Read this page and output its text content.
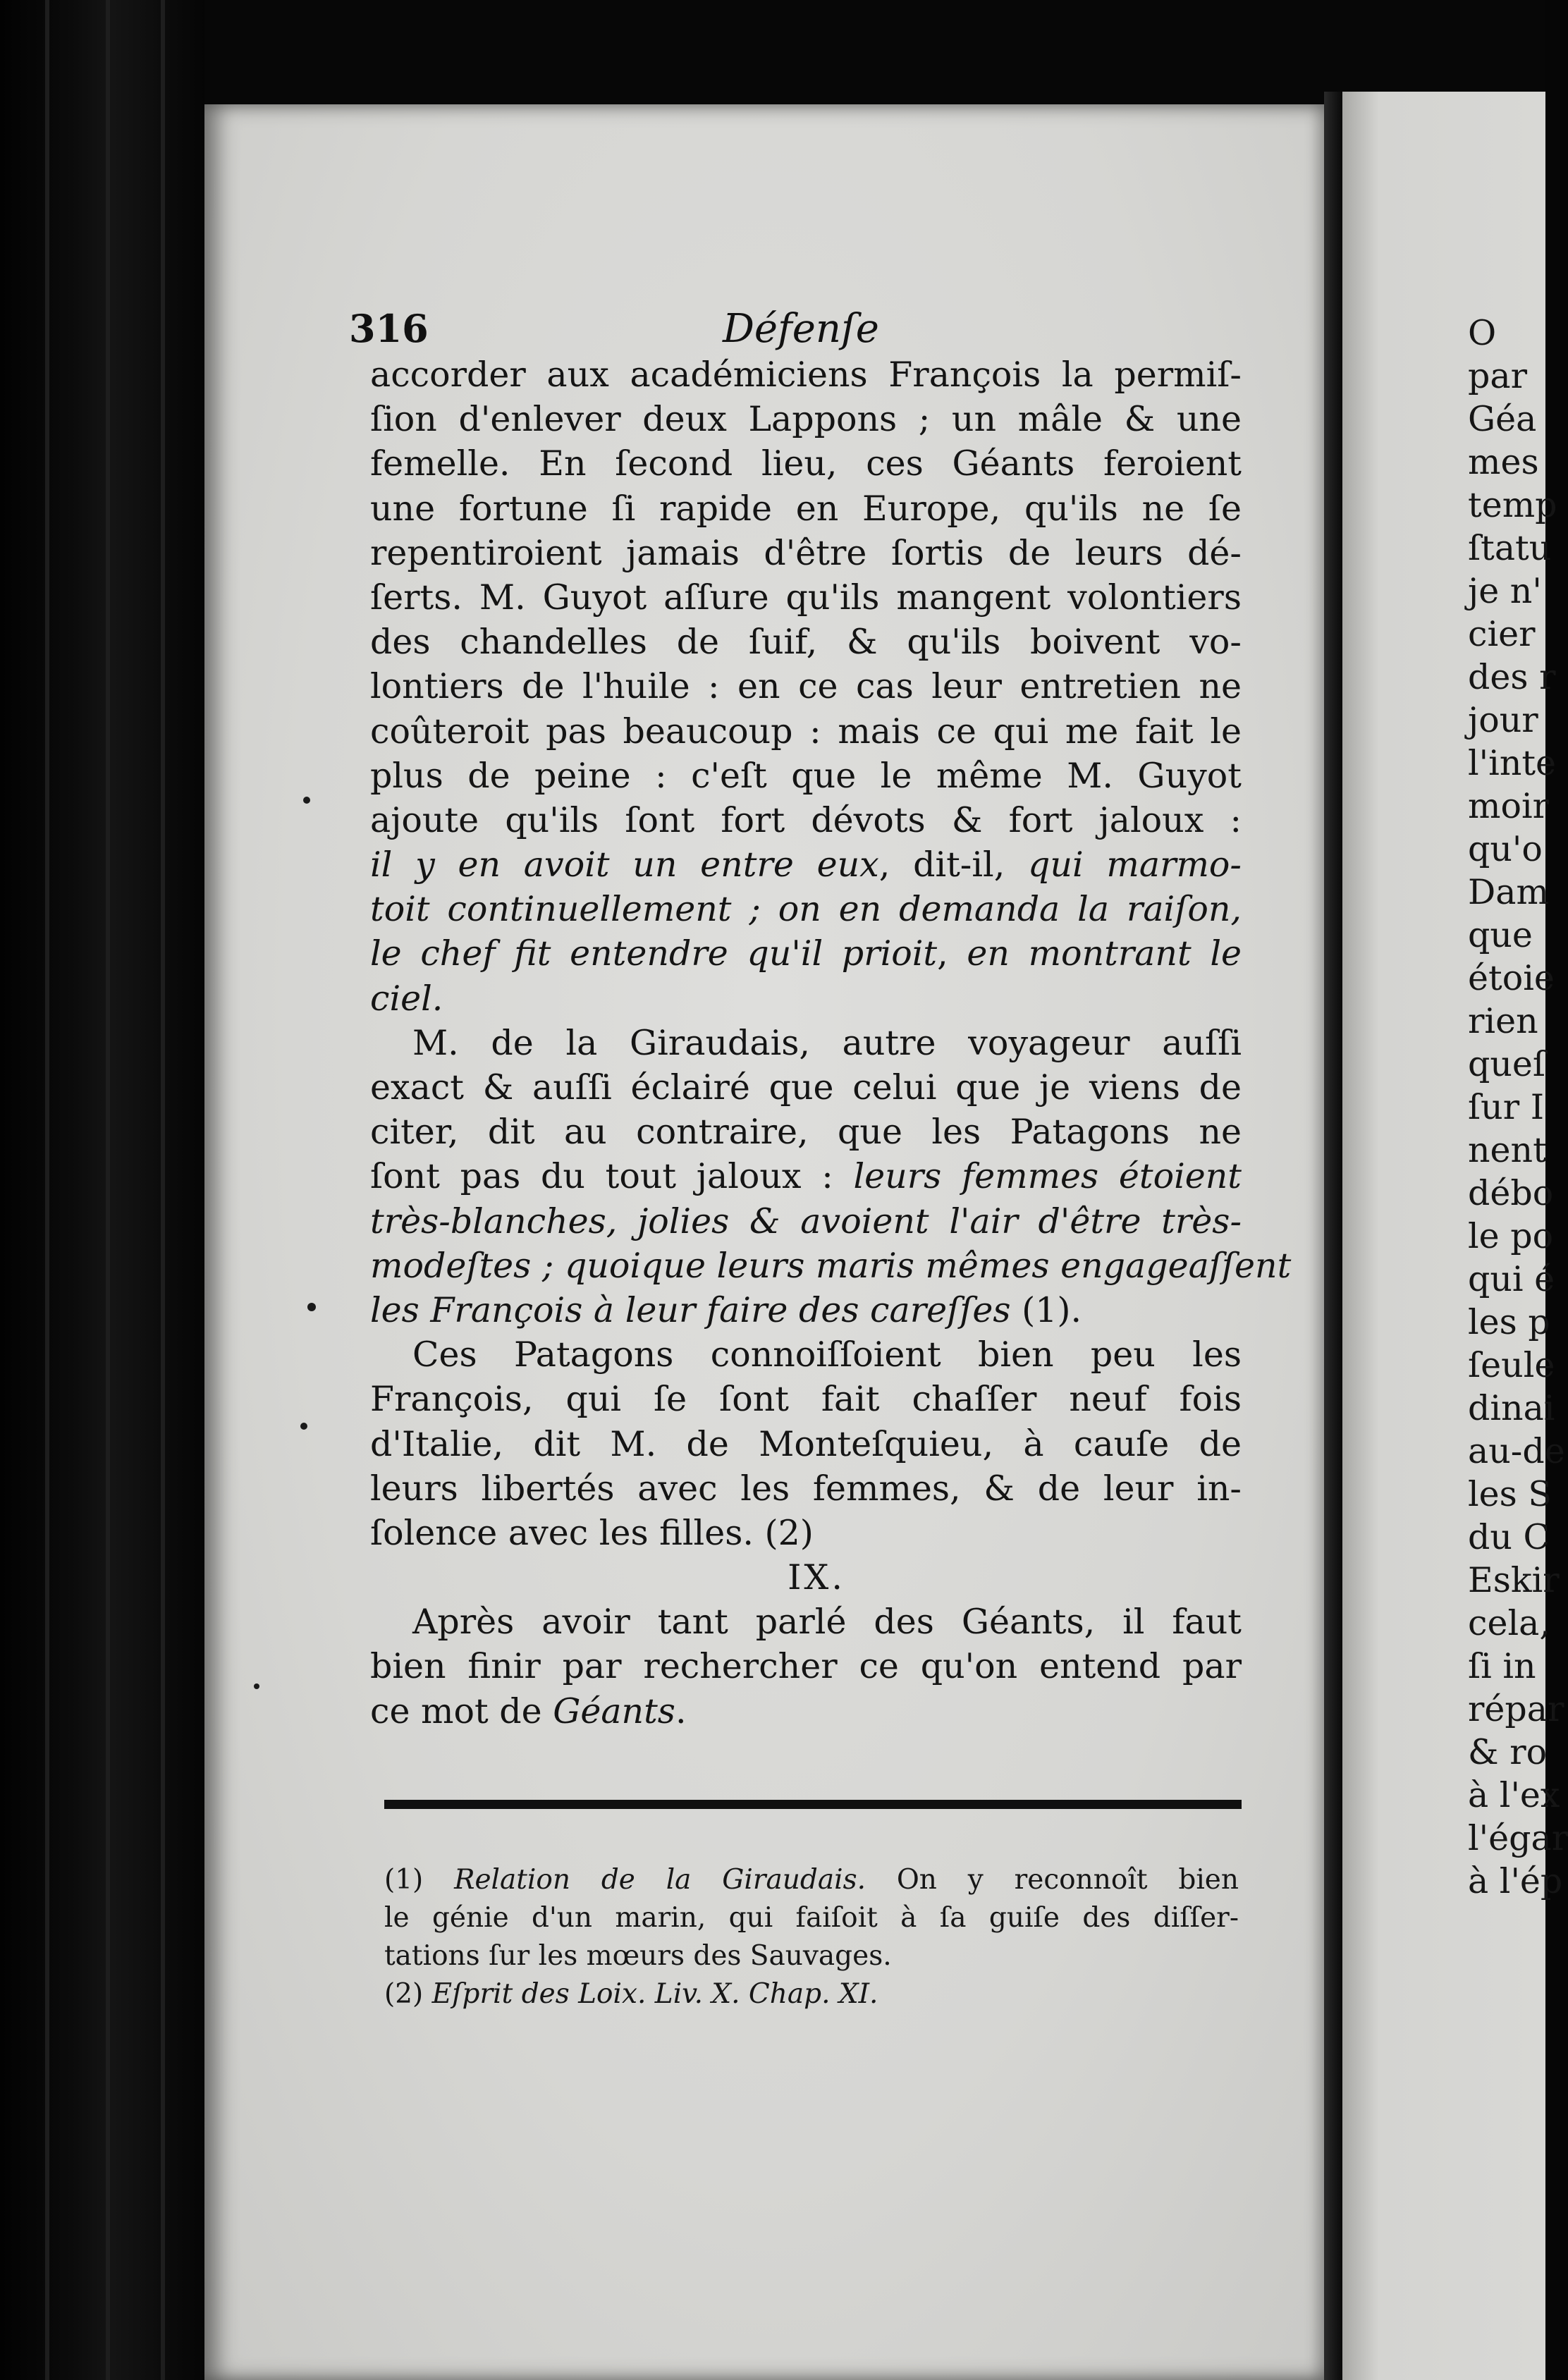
O
par
Géa
mes
temp
ſtatu
je n'
cier
des r
jour
l'inte
moir
qu'o
Dam
que
étoie
rien
queſ
ſur I
nent
débo
le po
qui é
les p
ſeule
dinai
au-de
les S
du C
Eskir
cela,
ſi in
répar
& ro
à l'ex
l'égar
à l'ép
316	Défenſe
accorder aux académiciens François la permiſ-
ſion d'enlever deux Lappons ; un mâle & une
femelle. En ſecond lieu, ces Géants feroient
une fortune ſi rapide en Europe, qu'ils ne ſe
repentiroient jamais d'être ſortis de leurs dé-
ſerts. M. Guyot aſſure qu'ils mangent volontiers
des chandelles de ſuif, & qu'ils boivent vo-
lontiers de l'huile : en ce cas leur entretien ne
coûteroit pas beaucoup : mais ce qui me fait le
plus de peine : c'eſt que le même M. Guyot
ajoute qu'ils ſont fort dévots & fort jaloux :
il y en avoit un entre eux, dit-il, qui marmo-
toit continuellement ; on en demanda la raiſon,
le chef fit entendre qu'il prioit, en montrant le
ciel.
M. de la Giraudais, autre voyageur auſſi
exact & auſſi éclairé que celui que je viens de
citer, dit au contraire, que les Patagons ne
ſont pas du tout jaloux : leurs femmes étoient
très-blanches, jolies & avoient l'air d'être très-
modeſtes ; quoique leurs maris mêmes engageaſſent
les François à leur faire des careſſes (1).
Ces Patagons connoiſſoient bien peu les
François, qui ſe ſont fait chaſſer neuf fois
d'Italie, dit M. de Monteſquieu, à cauſe de
leurs libertés avec les femmes, & de leur in-
ſolence avec les filles. (2)
IX.
Après avoir tant parlé des Géants, il faut
bien finir par rechercher ce qu'on entend par
ce mot de Géants.
(1) Relation de la Giraudais. On y reconnoît bien
le génie d'un marin, qui faiſoit à ſa guiſe des diſſer-
tations ſur les mœurs des Sauvages.
(2) Eſprit des Loix. Liv. X. Chap. XI.
